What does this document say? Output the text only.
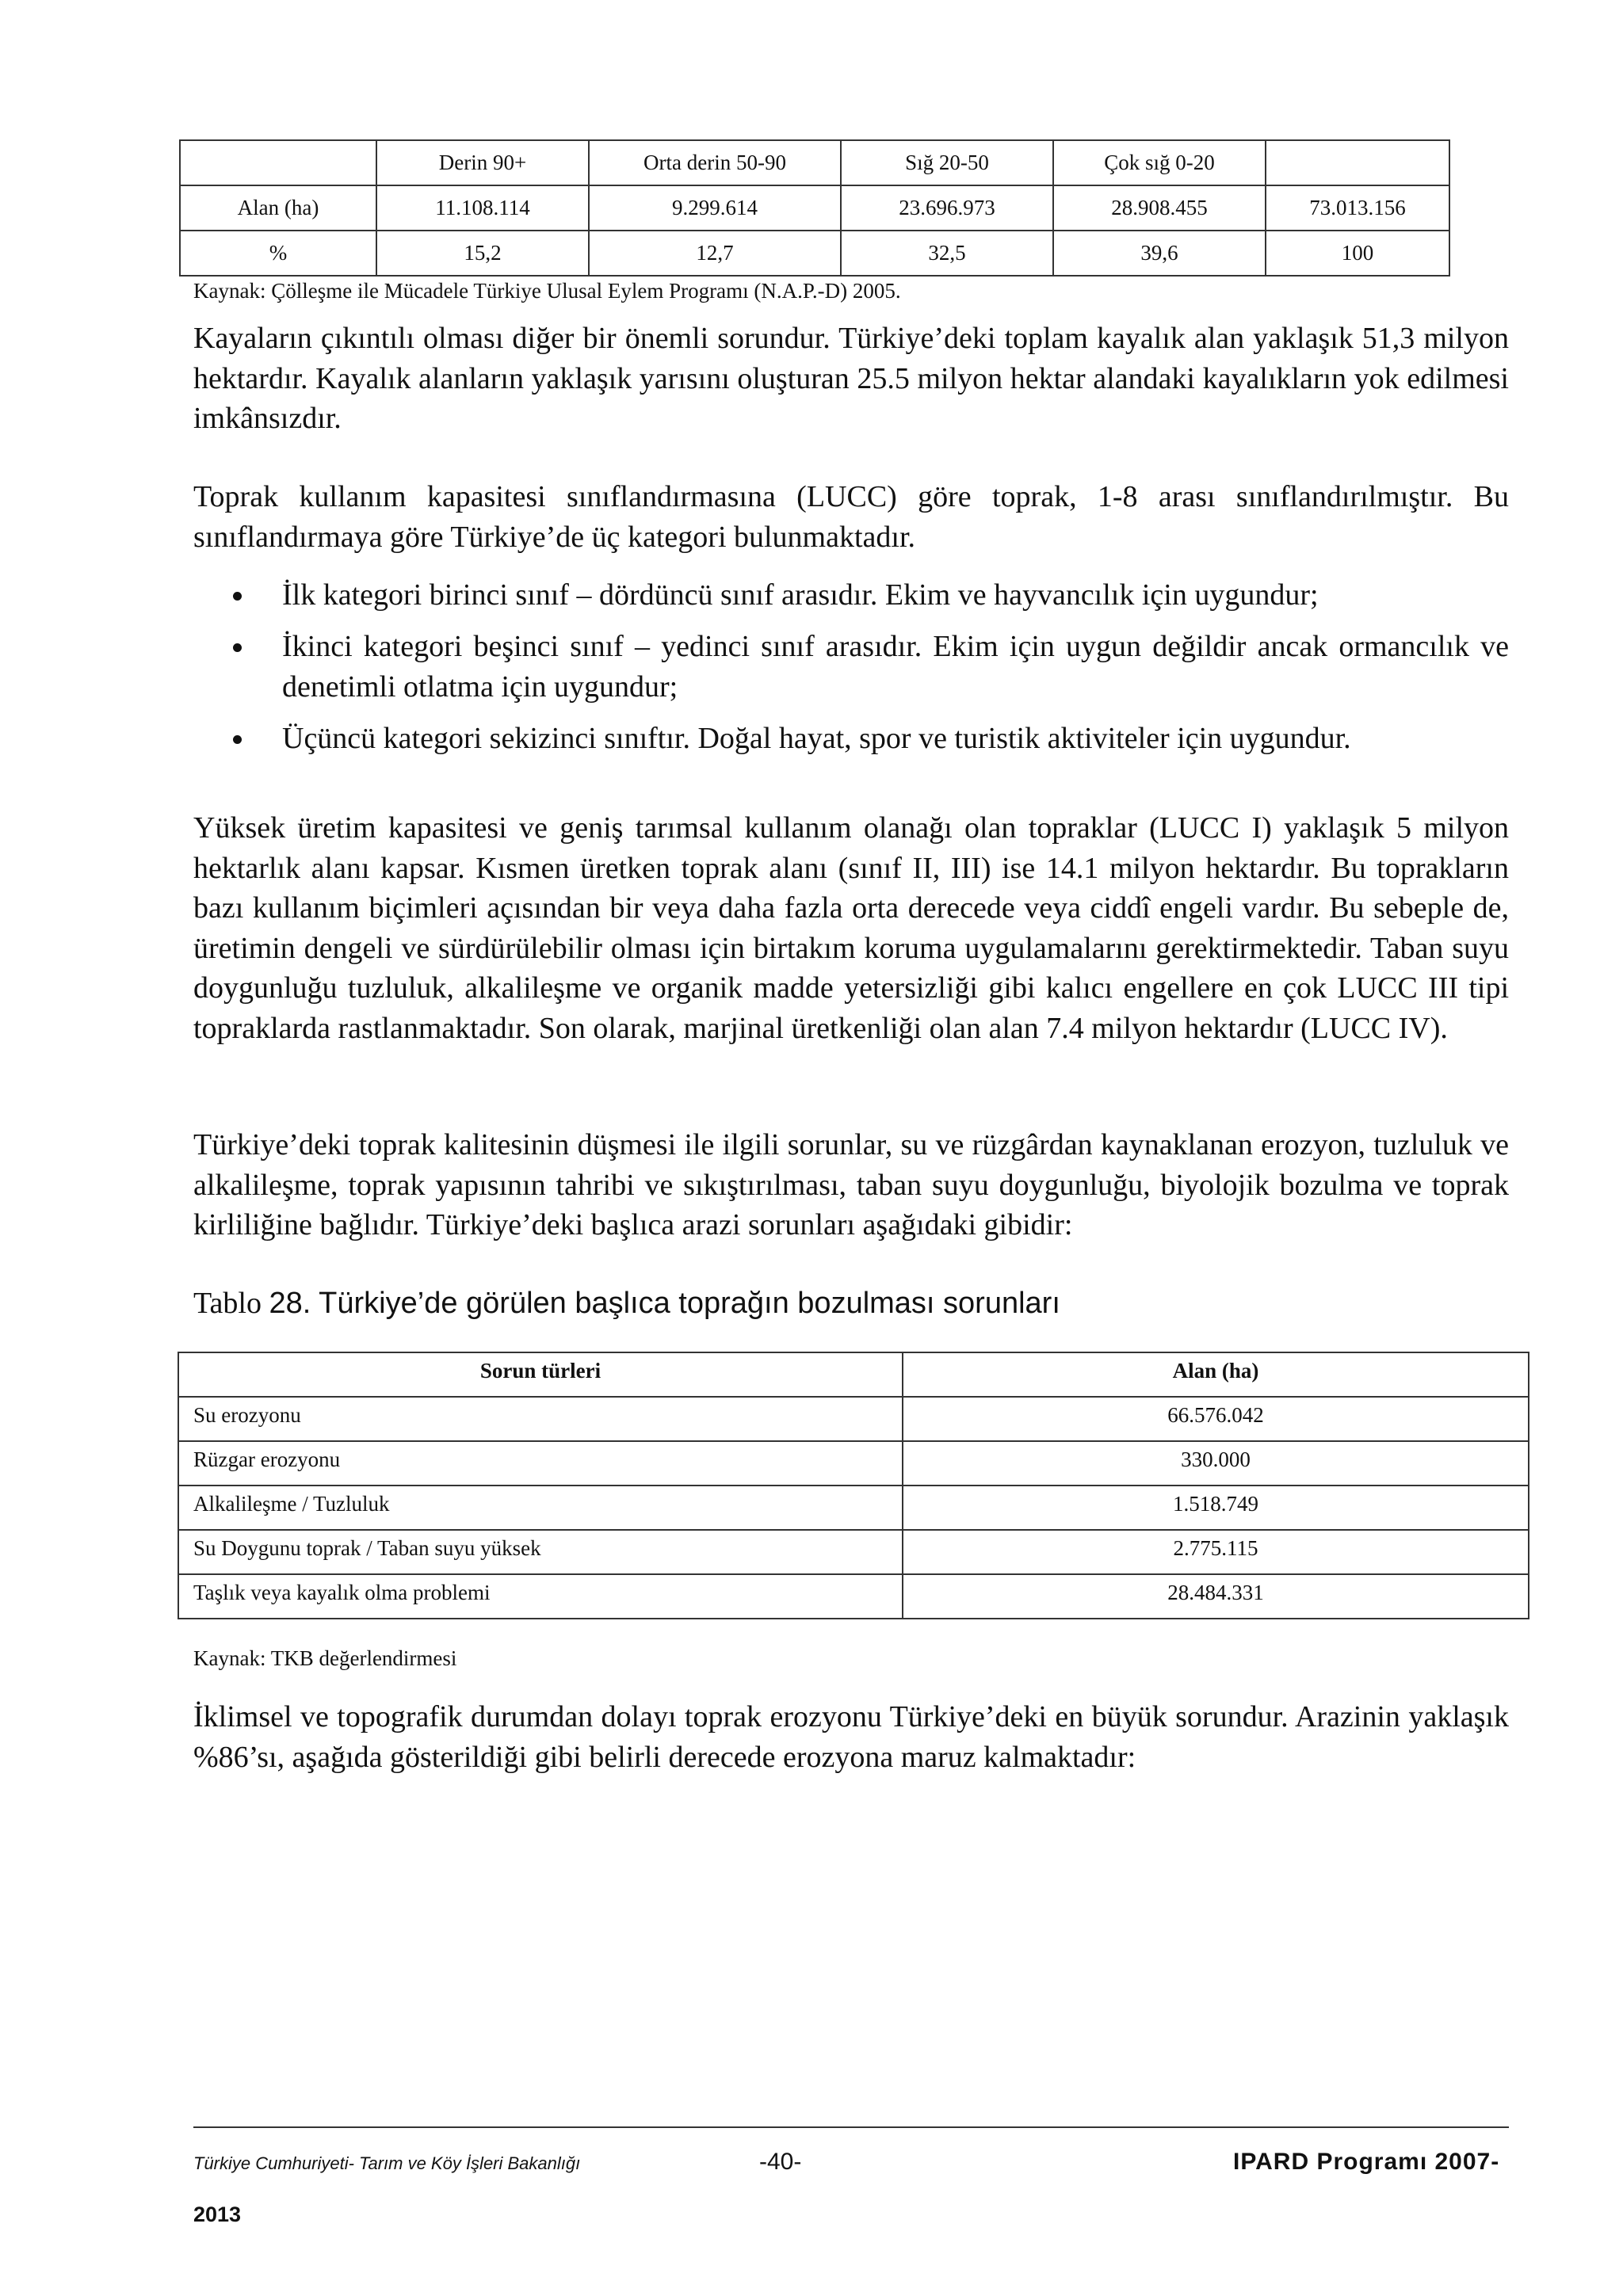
	Derin 90+	Orta derin 50-90	Sığ 20-50	Çok sığ 0-20	
Alan (ha)	11.108.114	9.299.614	23.696.973	28.908.455	73.013.156
%	15,2	12,7	32,5	39,6	100
Kaynak: Çölleşme ile Mücadele Türkiye Ulusal Eylem Programı (N.A.P.-D) 2005.

Kayaların çıkıntılı olması diğer bir önemli sorundur. Türkiye’deki toplam kayalık alan yaklaşık 51,3 milyon hektardır. Kayalık alanların yaklaşık yarısını oluşturan 25.5 milyon hektar alandaki kayalıkların yok edilmesi imkânsızdır.

Toprak kullanım kapasitesi sınıflandırmasına (LUCC) göre toprak, 1-8 arası sınıflandırılmıştır. Bu sınıflandırmaya göre Türkiye’de üç kategori bulunmaktadır.

İlk kategori birinci sınıf – dördüncü sınıf arasıdır. Ekim ve hayvancılık için uygundur;
İkinci kategori beşinci sınıf – yedinci sınıf arasıdır. Ekim için uygun değildir ancak ormancılık ve denetimli otlatma için uygundur;
Üçüncü kategori sekizinci sınıftır. Doğal hayat, spor ve turistik aktiviteler için uygundur.

Yüksek üretim kapasitesi ve geniş tarımsal kullanım olanağı olan topraklar (LUCC I) yaklaşık 5 milyon hektarlık alanı kapsar. Kısmen üretken toprak alanı (sınıf II, III) ise 14.1 milyon hektardır. Bu toprakların bazı kullanım biçimleri açısından bir veya daha fazla orta derecede veya ciddî engeli vardır. Bu sebeple de, üretimin dengeli ve sürdürülebilir olması için birtakım koruma uygulamalarını gerektirmektedir. Taban suyu doygunluğu tuzluluk, alkalileşme ve organik madde yetersizliği gibi kalıcı engellere en çok LUCC III tipi topraklarda rastlanmaktadır. Son olarak, marjinal üretkenliği olan alan 7.4 milyon hektardır (LUCC IV).

Türkiye’deki toprak kalitesinin düşmesi ile ilgili sorunlar, su ve rüzgârdan kaynaklanan erozyon, tuzluluk ve alkalileşme, toprak yapısının tahribi ve sıkıştırılması, taban suyu doygunluğu, biyolojik bozulma ve toprak kirliliğine bağlıdır. Türkiye’deki başlıca arazi sorunları aşağıdaki gibidir:

Tablo 28. Türkiye’de görülen başlıca toprağın bozulması sorunları
Sorun türleri	Alan (ha)
Su erozyonu	66.576.042
Rüzgar erozyonu	330.000
Alkalileşme / Tuzluluk	1.518.749
Su Doygunu toprak / Taban suyu yüksek	2.775.115
Taşlık veya kayalık olma problemi	28.484.331
Kaynak: TKB değerlendirmesi

İklimsel ve topografik durumdan dolayı toprak erozyonu Türkiye’deki en büyük sorundur. Arazinin yaklaşık %86’sı, aşağıda gösterildiği gibi belirli derecede erozyona maruz kalmaktadır:

Türkiye Cumhuriyeti- Tarım ve Köy İşleri Bakanlığı	-40-	IPARD Programı 2007-
2013
